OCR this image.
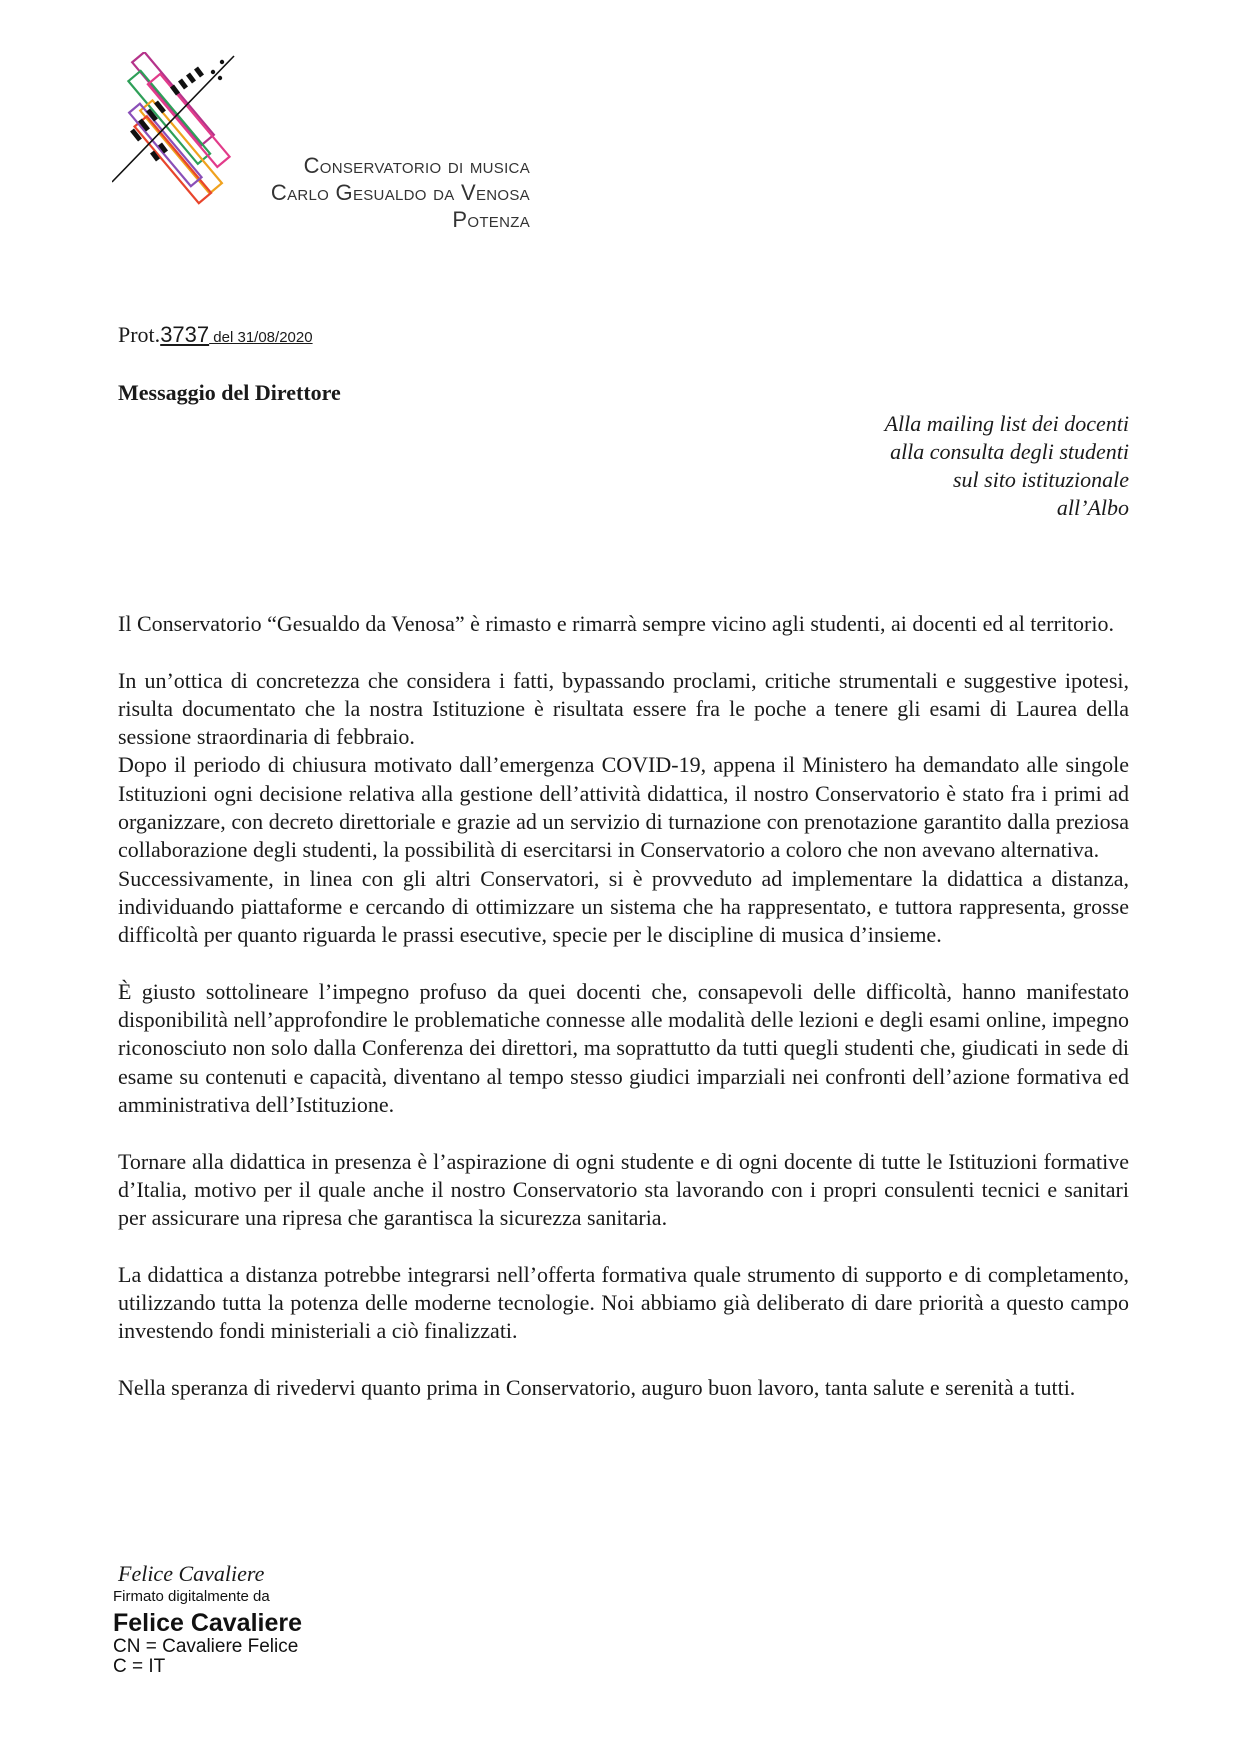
Conservatorio di musica
Carlo Gesualdo da Venosa
Potenza
Prot.3737 del 31/08/2020
Messaggio del Direttore
Alla mailing list dei docenti
alla consulta degli studenti
sul sito istituzionale
all’Albo

Il Conservatorio “Gesualdo da Venosa” è rimasto e rimarrà sempre vicino agli studenti, ai docenti ed al territorio.

In un’ottica di concretezza che considera i fatti, bypassando proclami, critiche strumentali e suggestive ipotesi, risulta documentato che la nostra Istituzione è risultata essere fra le poche a tenere gli esami di Laurea della sessione straordinaria di febbraio.

Dopo il periodo di chiusura motivato dall’emergenza COVID-19, appena il Ministero ha demandato alle singole Istituzioni ogni decisione relativa alla gestione dell’attività didattica, il nostro Conservatorio è stato fra i primi ad organizzare, con decreto direttoriale e grazie ad un servizio di turnazione con prenotazione garantito dalla preziosa collaborazione degli studenti, la possibilità di esercitarsi in Conservatorio a coloro che non avevano alternativa.

Successivamente, in linea con gli altri Conservatori, si è provveduto ad implementare la didattica a distanza, individuando piattaforme e cercando di ottimizzare un sistema che ha rappresentato, e tuttora rappresenta, grosse difficoltà per quanto riguarda le prassi esecutive, specie per le discipline di musica d’insieme.

È giusto sottolineare l’impegno profuso da quei docenti che, consapevoli delle difficoltà, hanno manifestato disponibilità nell’approfondire le problematiche connesse alle modalità delle lezioni e degli esami online, impegno riconosciuto non solo dalla Conferenza dei direttori, ma soprattutto da tutti quegli studenti che, giudicati in sede di esame su contenuti e capacità, diventano al tempo stesso giudici imparziali nei confronti dell’azione formativa ed amministrativa dell’Istituzione.

Tornare alla didattica in presenza è l’aspirazione di ogni studente e di ogni docente di tutte le Istituzioni formative d’Italia, motivo per il quale anche il nostro Conservatorio sta lavorando con i propri consulenti tecnici e sanitari per assicurare una ripresa che garantisca la sicurezza sanitaria.

La didattica a distanza potrebbe integrarsi nell’offerta formativa quale strumento di supporto e di completamento, utilizzando tutta la potenza delle moderne tecnologie. Noi abbiamo già deliberato di dare priorità a questo campo investendo fondi ministeriali a ciò finalizzati.

Nella speranza di rivedervi quanto prima in Conservatorio, auguro buon lavoro, tanta salute e serenità a tutti.

Felice Cavaliere
Firmato digitalmente da
Felice Cavaliere
CN = Cavaliere Felice
C = IT
